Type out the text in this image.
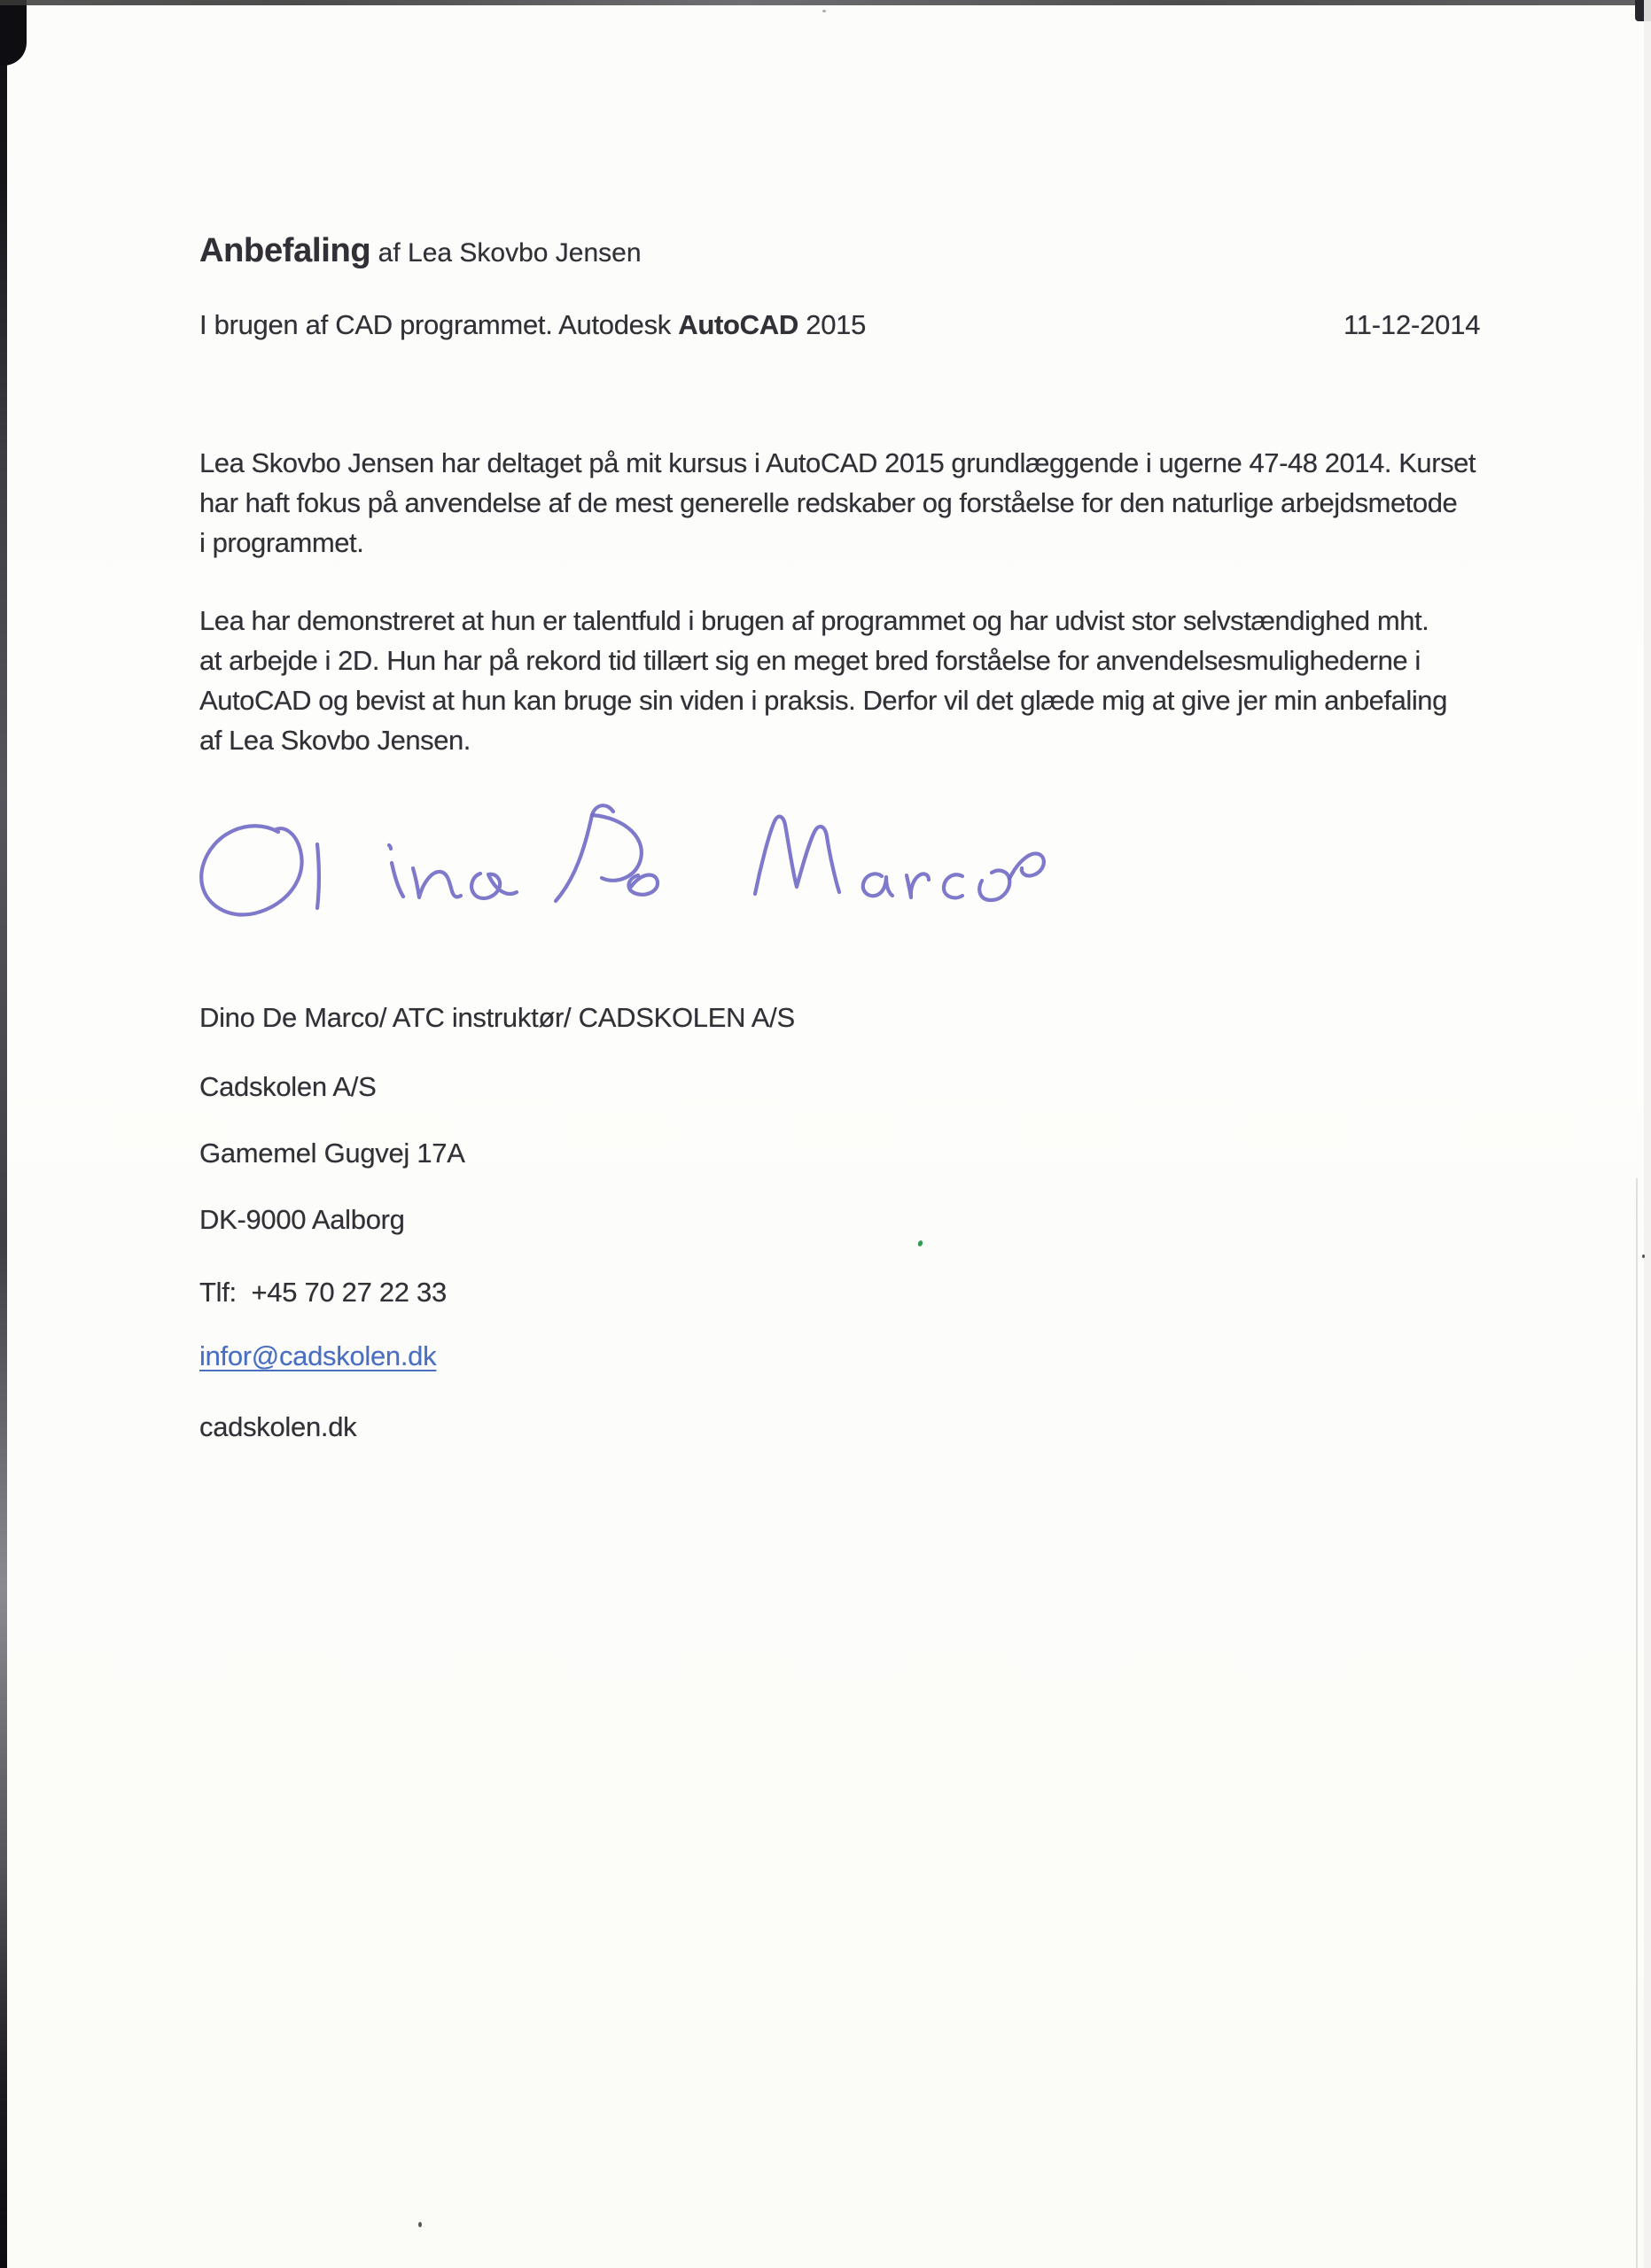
Anbefaling af Lea Skovbo Jensen
I brugen af CAD programmet. Autodesk AutoCAD 2015	11-12-2014
Lea Skovbo Jensen har deltaget på mit kursus i AutoCAD 2015 grundlæggende i ugerne 47-48 2014. Kurset
har haft fokus på anvendelse af de mest generelle redskaber og forståelse for den naturlige arbejdsmetode
i programmet.
Lea har demonstreret at hun er talentfuld i brugen af programmet og har udvist stor selvstændighed mht.
at arbejde i 2D. Hun har på rekord tid tillært sig en meget bred forståelse for anvendelsesmulighederne i
AutoCAD og bevist at hun kan bruge sin viden i praksis. Derfor vil det glæde mig at give jer min anbefaling
af Lea Skovbo Jensen.
Dino De Marco/ ATC instruktør/ CADSKOLEN A/S
Cadskolen A/S
Gamemel Gugvej 17A
DK-9000 Aalborg
Tlf:  +45 70 27 22 33
infor@cadskolen.dk
cadskolen.dk
